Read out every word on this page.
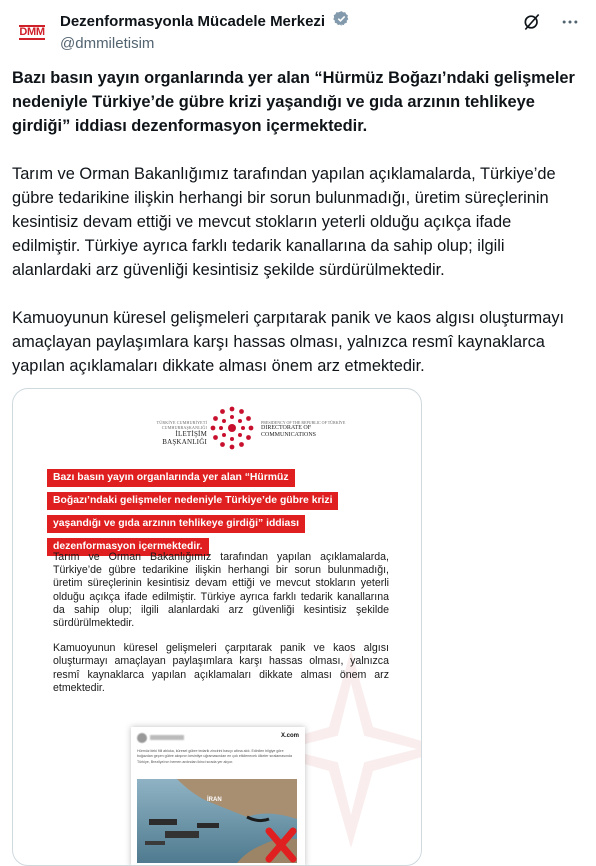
DMM
Dezenformasyonla Mücadele Merkezi
@dmmiletisim

Bazı basın yayın organlarında yer alan “Hürmüz Boğazı’ndaki gelişmeler nedeniyle Türkiye’de gübre krizi yaşandığı ve gıda arzının tehlikeye girdiği” iddiası dezenformasyon içermektedir.

Tarım ve Orman Bakanlığımız tarafından yapılan açıklamalarda, Türkiye’de gübre tedarikine ilişkin herhangi bir sorun bulunmadığı, üretim süreçlerinin kesintisiz devam ettiği ve mevcut stokların yeterli olduğu açıkça ifade edilmiştir. Türkiye ayrıca farklı tedarik kanallarına da sahip olup; ilgili alanlardaki arz güvenliği kesintisiz şekilde sürdürülmektedir.

Kamuoyunun küresel gelişmeleri çarpıtarak panik ve kaos algısı oluşturmayı amaçlayan paylaşımlara karşı hassas olması, yalnızca resmî kaynaklarca yapılan açıklamaları dikkate alması önem arz etmektedir.

TÜRKİYE CUMHURİYETİ CUMHURBAŞKANLIĞI
İLETİŞİM BAŞKANLIĞI
PRESIDENCY OF THE REPUBLIC OF TÜRKİYE
DIRECTORATE OF
COMMUNICATIONS
Bazı basın yayın organlarında yer alan “Hürmüz
Boğazı’ndaki gelişmeler nedeniyle Türkiye’de gübre krizi
yaşandığı ve gıda arzının tehlikeye girdiği” iddiası
dezenformasyon içermektedir.

Tarım ve Orman Bakanlığımız tarafından yapılan açıklamalarda, Türkiye’de gübre tedarikine ilişkin herhangi bir sorun bulunmadığı, üretim süreçlerinin kesintisiz devam ettiği ve mevcut stokların yeterli olduğu açıkça ifade edilmiştir. Türkiye ayrıca farklı tedarik kanallarına da sahip olup; ilgili alanlardaki arz güvenliği kesintisiz şekilde sürdürülmektedir.

Kamuoyunun küresel gelişmeleri çarpıtarak panik ve kaos algısı oluşturmayı amaçlayan paylaşımlara karşı hassas olması, yalnızca resmî kaynaklarca yapılan açıklamaları dikkate alması önem arz etmektedir.

X.com
Hürmüz’deki fiili abluka, küresel gübre tedarik zincirini basıyı altına aldı. Edinilen bilgiye göre boğazdan geçen gübre akışının kesintiye uğramasından en çok etkilenecek ülkeler sıralamasında Türkiye, Brezilya’nın hemen ardından ikinci sırada yer alıyor.
İRAN
